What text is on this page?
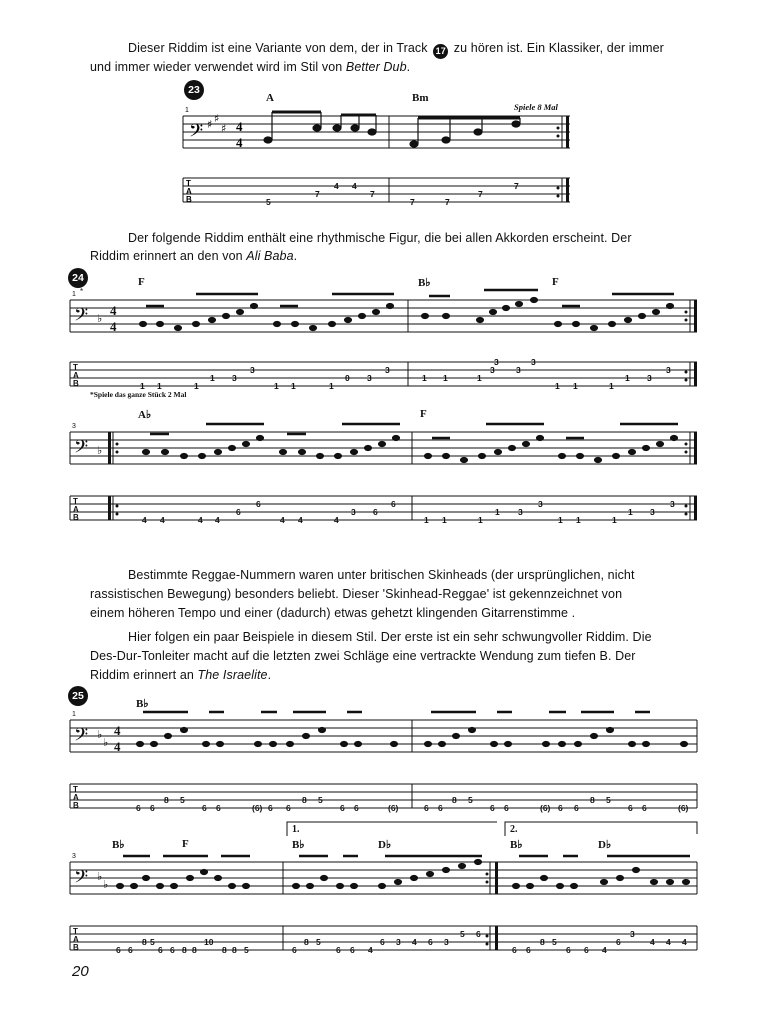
Dieser Riddim ist eine Variante von dem, der in Track 17 zu hören ist. Ein Klassiker, der immer
und immer wieder verwendet wird im Stil von Better Dub.
23
A	Bm
Spiele 8 Mal
1
𝄢 ♯ ♯
♯ 4
4
T
A
B	5
7
4 4
7
7	7
7
7
Der folgende Riddim enthält eine rhythmische Figur, die bei allen Akkorden erscheint. Der
Riddim erinnert an den von Ali Baba.
24	F	B♭	F
*Spiele das ganze Stück 2 Mal
A♭	F
1 *
3
𝄢
𝄢
♭
♭
4
4
T
A
B
T
A
B
1 1	1
1 3
3
1 1	1
0 3
3
1 1	1
3	3
3	3
1 1	1
1 3
3
4 4	4 4
6
6
4 4	4
3 6
6
1 1	1
1 3
3
1 1	1
1 3
3
Bestimmte Reggae-Nummern waren unter britischen Skinheads (der ursprünglichen, nicht
rassistischen Bewegung) besonders beliebt. Dieser 'Skinhead-Reggae' ist gekennzeichnet von
einem höheren Tempo und einer (dadurch) etwas gehetzt klingenden Gitarrenstimme .
Hier folgen ein paar Beispiele in diesem Stil. Der erste ist ein sehr schwungvoller Riddim. Die
Des-Dur-Tonleiter macht auf die letzten zwei Schläge eine vertrackte Wendung zum tiefen B. Der
Riddim erinnert an The Israelite.
25
B♭
B♭	F
1.
B♭	D♭
2.
B♭	D♭
1
3
𝄢
𝄢
♭
♭
♭
♭
4
4
T
A
B
T
A
B
6 6
8 5
6 6	(6) 6 6
8 5
6 6	(6)	6 6
8 5
6 6	(6) 6 6
8 5
6 6	(6)
6 6
8 5
6 6 8 8
10
8 8 5	6
8 5
6 6 4
6 3 4 6 3
5 6
6 6
8 5
6 6 4
6
3
4 4 4
20
